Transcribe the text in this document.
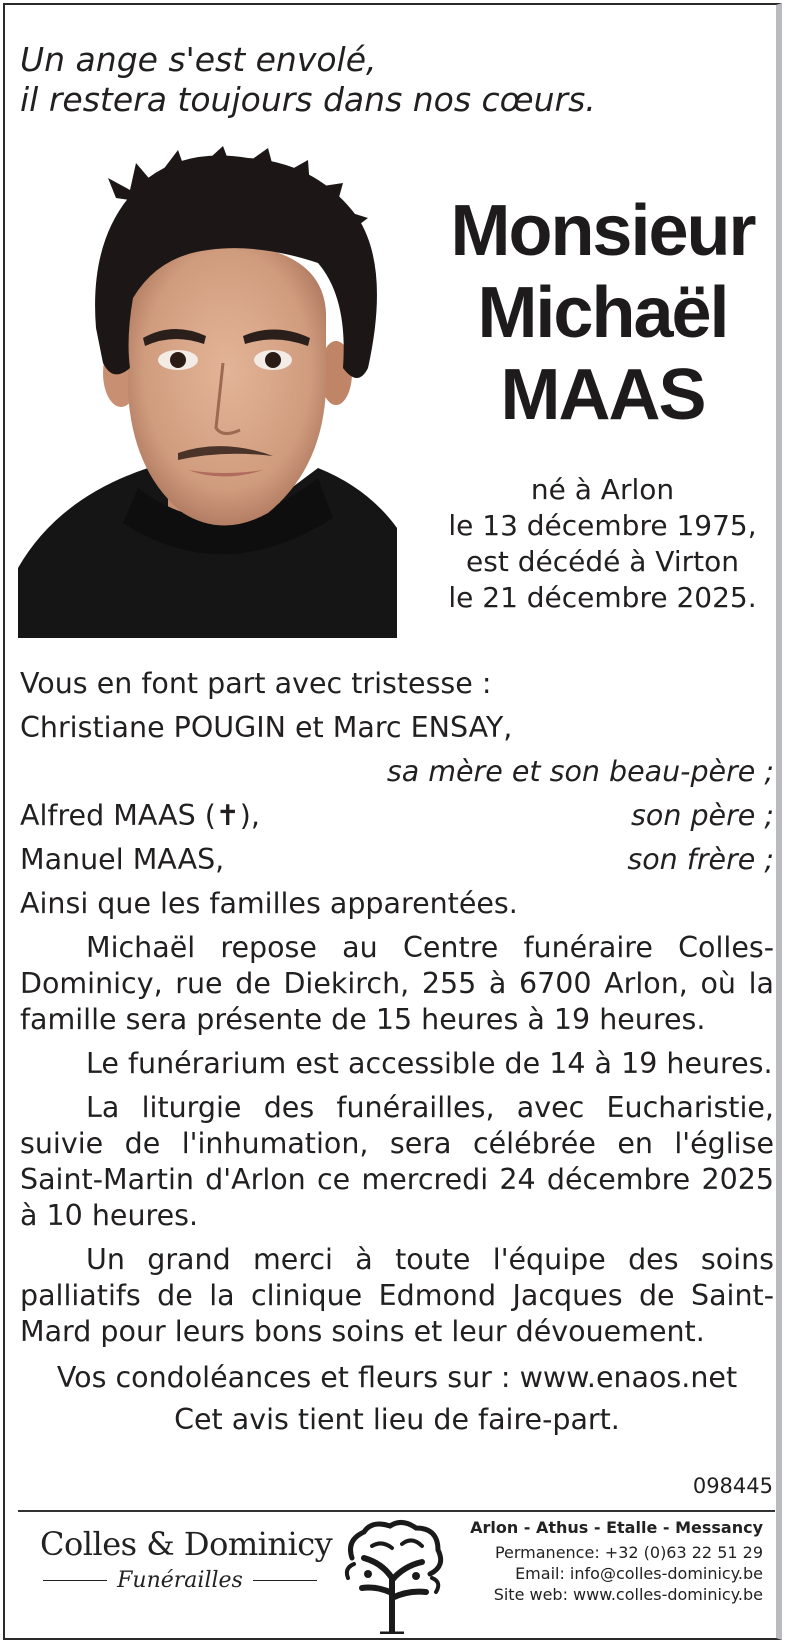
Un ange s'est envolé,
il restera toujours dans nos cœurs.
Monsieur
Michaël
MAAS
né à Arlon
le 13 décembre 1975,
est décédé à Virton
le 21 décembre 2025.
Vous en font part avec tristesse :
Christiane POUGIN et Marc ENSAY,
sa mère et son beau-père ;
Alfred MAAS (✝),	son père ;
Manuel MAAS,	son frère ;
Ainsi que les familles apparentées.
Michaël repose au Centre funéraire Colles-Dominicy, rue de Diekirch, 255 à 6700 Arlon, où la famille sera présente de 15 heures à 19 heures.
Le funérarium est accessible de 14 à 19 heures.
La liturgie des funérailles, avec Eucharistie, suivie de l'inhumation, sera célébrée en l'église Saint-Martin d'Arlon ce mercredi 24 décembre 2025 à 10 heures.
Un grand merci à toute l'équipe des soins palliatifs de la clinique Edmond Jacques de Saint-Mard pour leurs bons soins et leur dévouement.
Vos condoléances et fleurs sur : www.enaos.net
Cet avis tient lieu de faire-part.
098445
Colles & Dominicy
Funérailles
Arlon - Athus - Etalle - Messancy
Permanence: +32 (0)63 22 51 29
Email: info@colles-dominicy.be
Site web: www.colles-dominicy.be
